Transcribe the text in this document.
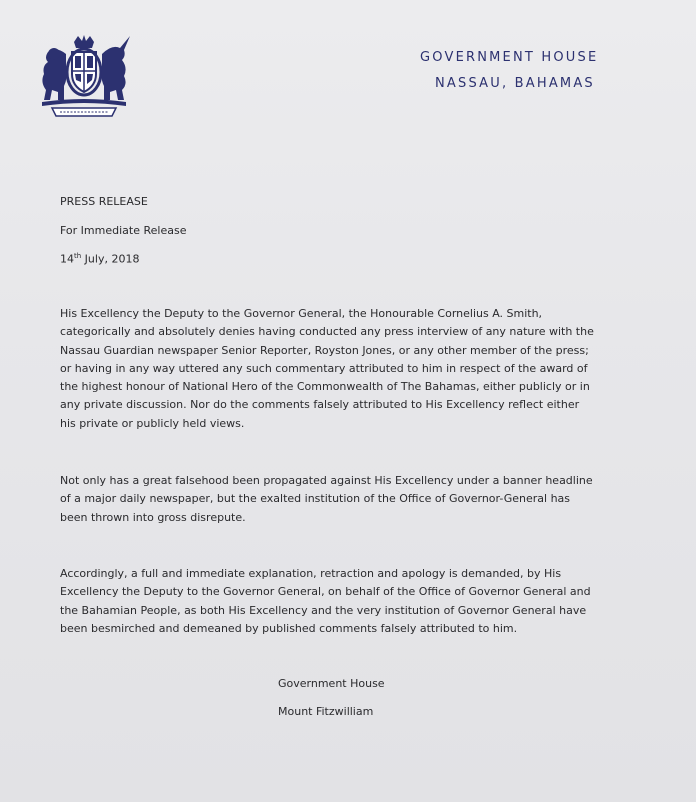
GOVERNMENT HOUSE
NASSAU, BAHAMAS
PRESS RELEASE
For Immediate Release
14th July, 2018
His Excellency the Deputy to the Governor General, the Honourable Cornelius A. Smith,
categorically and absolutely denies having conducted any press interview of any nature with the
Nassau Guardian newspaper Senior Reporter, Royston Jones, or any other member of the press;
or having in any way uttered any such commentary attributed to him in respect of the award of
the highest honour of National Hero of the Commonwealth of The Bahamas, either publicly or in
any private discussion. Nor do the comments falsely attributed to His Excellency reflect either
his private or publicly held views.
Not only has a great falsehood been propagated against His Excellency under a banner headline
of a major daily newspaper, but the exalted institution of the Office of Governor-General has
been thrown into gross disrepute.
Accordingly, a full and immediate explanation, retraction and apology is demanded, by His
Excellency the Deputy to the Governor General, on behalf of the Office of Governor General and
the Bahamian People, as both His Excellency and the very institution of Governor General have
been besmirched and demeaned by published comments falsely attributed to him.
Government House
Mount Fitzwilliam
